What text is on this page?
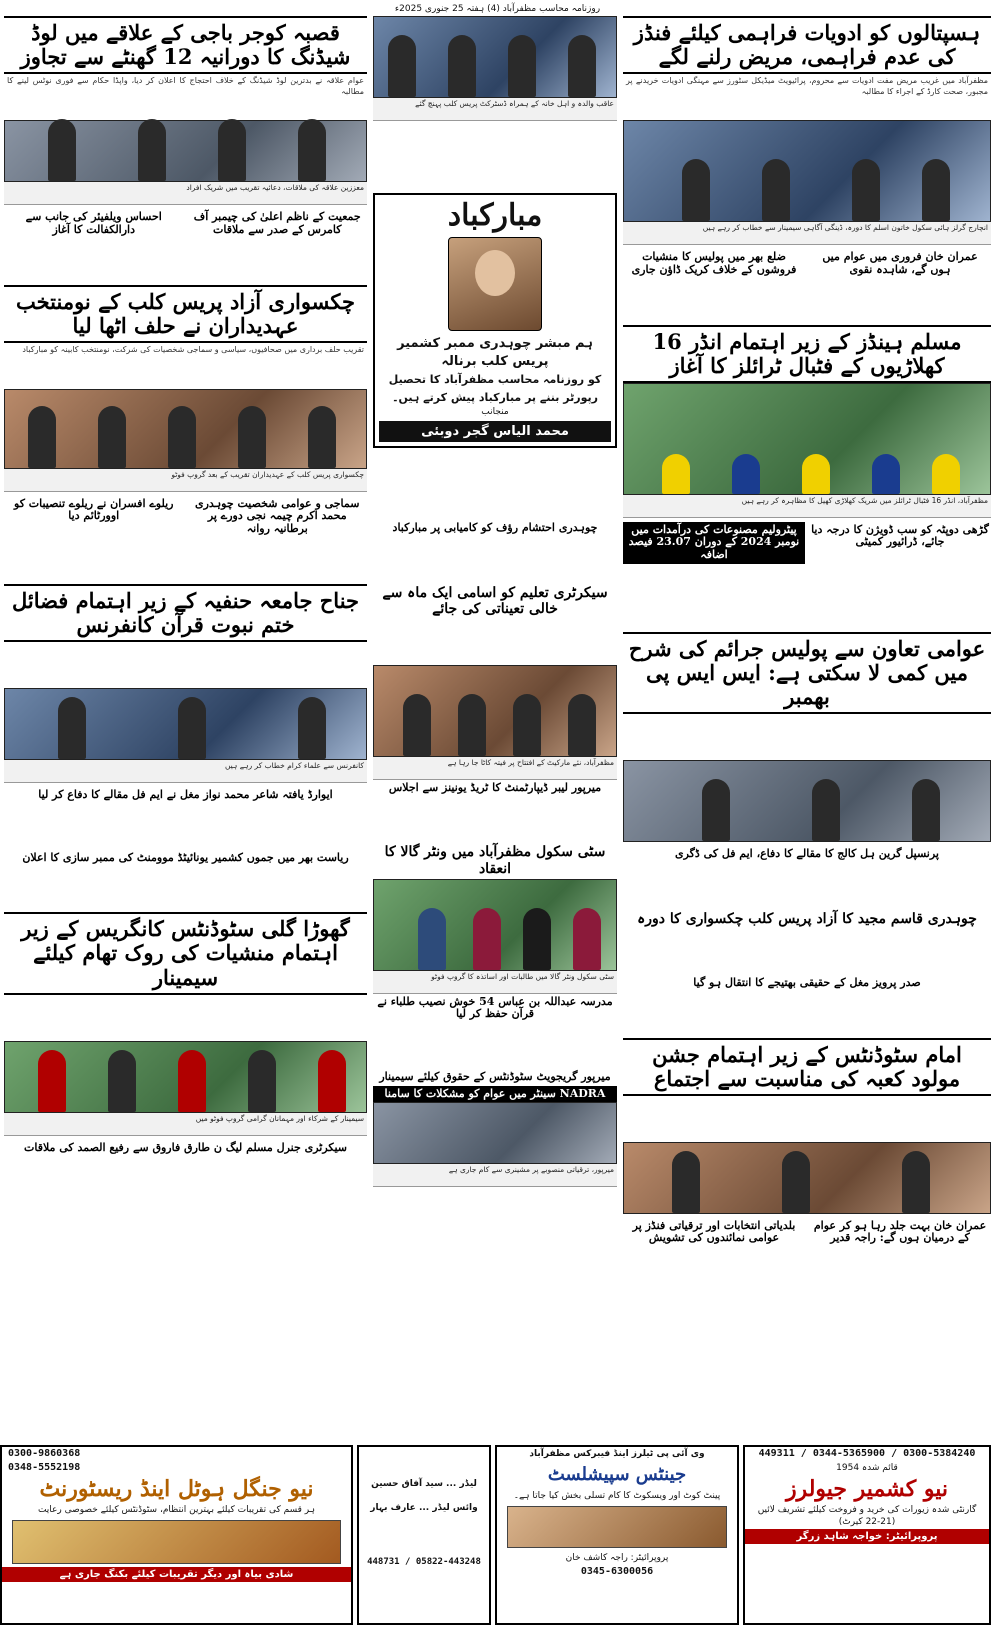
روزنامہ محاسب مظفرآباد (4) ہفتہ 25 جنوری 2025ء
ہسپتالوں کو ادویات فراہمی کیلئے فنڈز کی عدم فراہمی، مریض رلنے لگے
مظفرآباد میں غریب مریض مفت ادویات سے محروم، پرائیویٹ میڈیکل سٹورز سے مہنگی ادویات خریدنے پر مجبور، صحت کارڈ کے اجراء کا مطالبہ
انچارج گرلز ہائی سکول خاتون اسلم کا دورہ، ڈینگی آگاہی سیمینار سے خطاب کر رہے ہیں
عمران خان فروری میں عوام میں ہوں گے، شاہدہ نقوی
ضلع بھر میں پولیس کا منشیات فروشوں کے خلاف کریک ڈاؤن جاری
مسلم ہینڈز کے زیر اہتمام انڈر 16 کھلاڑیوں کے فٹبال ٹرائلز کا آغاز
مظفرآباد، انڈر 16 فٹبال ٹرائلز میں شریک کھلاڑی کھیل کا مظاہرہ کر رہے ہیں
گڑھی دوپٹہ کو سب ڈویژن کا درجہ دیا جائے، ڈرائیور کمیٹی
پیٹرولیم مصنوعات کی درآمدات میں نومبر 2024 کے دوران 23.07 فیصد اضافہ
عوامی تعاون سے پولیس جرائم کی شرح میں کمی لا سکتی ہے: ایس ایس پی بھمبر
پرنسپل گرین ہل کالج کا مقالے کا دفاع، ایم فل کی ڈگری
چوہدری قاسم مجید کا آزاد پریس کلب چکسواری کا دورہ
صدر پرویز مغل کے حقیقی بھتیجے کا انتقال ہو گیا
امام سٹوڈنٹس کے زیر اہتمام جشن مولود کعبہ کی مناسبت سے اجتماع
عمران خان بہت جلد رہا ہو کر عوام کے درمیان ہوں گے: راجہ قدیر
بلدیاتی انتخابات اور ترقیاتی فنڈز پر عوامی نمائندوں کی تشویش
عاقب والدہ و اہل خانہ کے ہمراہ ڈسٹرکٹ پریس کلب پہنچ گئے
مبارکباد
ہم مبشر چوہدری ممبر کشمیر پریس کلب برنالہ
کو روزنامہ محاسب مظفرآباد کا تحصیل رپورٹر بننے پر مبارکباد پیش کرتے ہیں۔
منجانب
محمد الیاس گجر دوبئی
چوہدری احتشام رؤف کو کامیابی پر مبارکباد
سیکرٹری تعلیم کو اسامی ایک ماہ سے خالی تعیناتی کی جائے
مظفرآباد، نئے مارکیٹ کے افتتاح پر فیتہ کاٹا جا رہا ہے
میرپور لیبر ڈیپارٹمنٹ کا ٹریڈ یونینز سے اجلاس
سٹی سکول مظفرآباد میں ونٹر گالا کا انعقاد
سٹی سکول ونٹر گالا میں طالبات اور اساتذہ کا گروپ فوٹو
مدرسہ عبداللہ بن عباس 54 خوش نصیب طلباء نے قرآن حفظ کر لیا
میرپور گریجویٹ سٹوڈنٹس کے حقوق کیلئے سیمینار
NADRA سینٹر میں عوام کو مشکلات کا سامنا
میرپور، ترقیاتی منصوبے پر مشینری سے کام جاری ہے
قصبہ کوجر باجی کے علاقے میں لوڈ شیڈنگ کا دورانیہ 12 گھنٹے سے تجاوز
عوام علاقہ نے بدترین لوڈ شیڈنگ کے خلاف احتجاج کا اعلان کر دیا، واپڈا حکام سے فوری نوٹس لینے کا مطالبہ
معززین علاقہ کی ملاقات، دعائیہ تقریب میں شریک افراد
جمعیت کے ناظم اعلیٰ کی چیمبر آف کامرس کے صدر سے ملاقات
احساس ویلفیئر کی جانب سے دارالکفالت کا آغاز
چکسواری آزاد پریس کلب کے نومنتخب عہدیداران نے حلف اٹھا لیا
تقریب حلف برداری میں صحافیوں، سیاسی و سماجی شخصیات کی شرکت، نومنتخب کابینہ کو مبارکباد
چکسواری پریس کلب کے عہدیداران تقریب کے بعد گروپ فوٹو
سماجی و عوامی شخصیت چوہدری محمد اکرم چیمہ نجی دورے پر برطانیہ روانہ
ریلوے افسران نے ریلوے تنصیبات کو اوورٹائم دیا
جناح جامعہ حنفیہ کے زیر اہتمام فضائل ختم نبوت قرآن کانفرنس
کانفرنس سے علماء کرام خطاب کر رہے ہیں
ایوارڈ یافتہ شاعر محمد نواز مغل نے ایم فل مقالے کا دفاع کر لیا
ریاست بھر میں جموں کشمیر یونائیٹڈ موومنٹ کی ممبر سازی کا اعلان
گھوڑا گلی سٹوڈنٹس کانگریس کے زیر اہتمام منشیات کی روک تھام کیلئے سیمینار
سیمینار کے شرکاء اور مہمانان گرامی گروپ فوٹو میں
سیکرٹری جنرل مسلم لیگ ن طارق فاروق سے رفیع الصمد کی ملاقات
0300-5384240 / 0344-5365900 / 449311
قائم شدہ 1954
نیو کشمیر جیولرز
گارنٹی شدہ زیورات کی خرید و فروخت کیلئے تشریف لائیں (21-22 کیرٹ)
پروپرائیٹر: خواجہ شاہد زرگر
وی آئی پی ٹیلرز اینڈ فیبرکس مظفرآباد
جینٹس سپیشلسٹ
پینٹ کوٹ اور ویسکوٹ کا کام تسلی بخش کیا جاتا ہے۔
پروپرائیٹر: راجہ کاشف خان
0345-6300056
لیڈر ... سید آفاق حسین
وائس لیڈر ... عارف بہار
05822-443248 / 448731
0300-9860368
0348-5552198
نیو جنگل ہوٹل اینڈ ریسٹورنٹ
ہر قسم کی تقریبات کیلئے بہترین انتظام، سٹوڈنٹس کیلئے خصوصی رعایت
شادی بیاہ اور دیگر تقریبات کیلئے بکنگ جاری ہے
